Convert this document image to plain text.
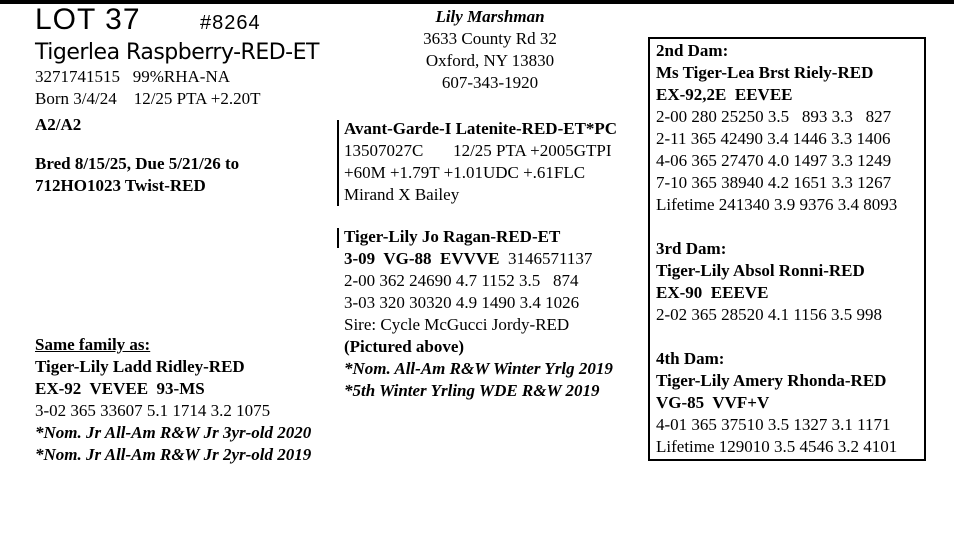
LOT 37	#8264
Tigerlea Raspberry-RED-ET
3271741515   99%RHA-NA
Born 3/4/24    12/25 PTA +2.20T
A2/A2
Bred 8/15/25, Due 5/21/26 to
712HO1023 Twist-RED
Lily Marshman
3633 County Rd 32
Oxford, NY 13830
607-343-1920
Avant-Garde-I Latenite-RED-ET*PC
13507027C       12/25 PTA +2005GTPI
+60M +1.79T +1.01UDC +.61FLC
Mirand X Bailey
Tiger-Lily Jo Ragan-RED-ET
3-09  VG-88  EVVVE 3146571137
2-00 362 24690 4.7 1152 3.5   874
3-03 320 30320 4.9 1490 3.4 1026
Sire: Cycle McGucci Jordy-RED
(Pictured above)
*Nom. All-Am R&W Winter Yrlg 2019
*5th Winter Yrling WDE R&W 2019
Same family as:
Tiger-Lily Ladd Ridley-RED
EX-92  VEVEE  93-MS
3-02 365 33607 5.1 1714 3.2 1075
*Nom. Jr All-Am R&W Jr 3yr-old 2020
*Nom. Jr All-Am R&W Jr 2yr-old 2019
2nd Dam:
Ms Tiger-Lea Brst Riely-RED
EX-92,2E  EEVEE
2-00 280 25250 3.5   893 3.3   827
2-11 365 42490 3.4 1446 3.3 1406
4-06 365 27470 4.0 1497 3.3 1249
7-10 365 38940 4.2 1651 3.3 1267
Lifetime 241340 3.9 9376 3.4 8093
3rd Dam:
Tiger-Lily Absol Ronni-RED
EX-90  EEEVE
2-02 365 28520 4.1 1156 3.5 998
4th Dam:
Tiger-Lily Amery Rhonda-RED
VG-85  VVF+V
4-01 365 37510 3.5 1327 3.1 1171
Lifetime 129010 3.5 4546 3.2 4101
